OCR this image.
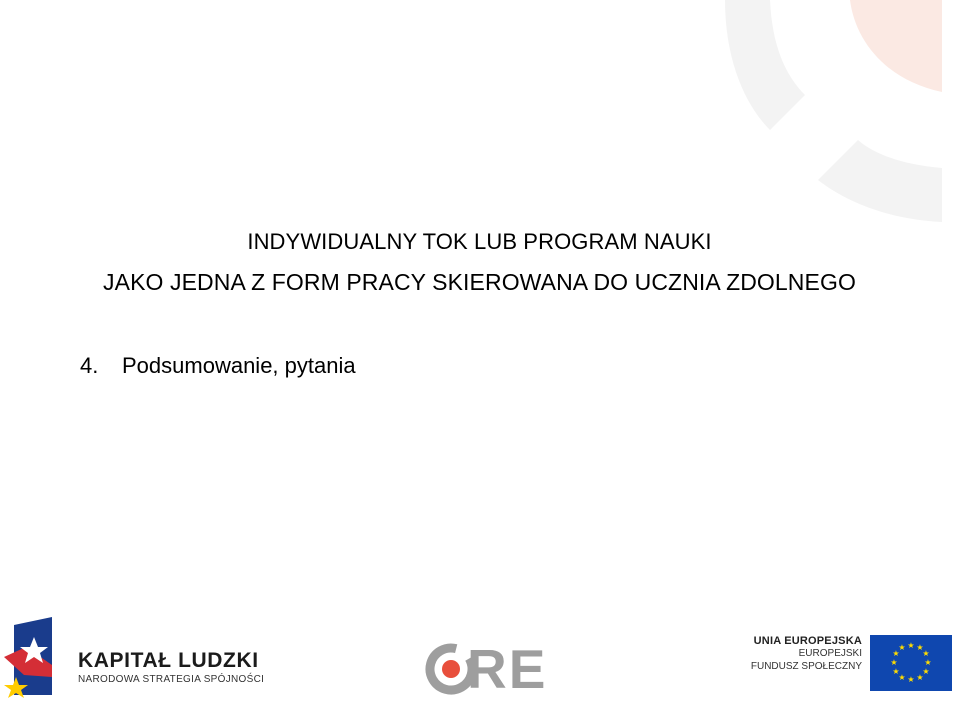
INDYWIDUALNY TOK LUB PROGRAM NAUKI
JAKO JEDNA Z FORM PRACY SKIEROWANA DO UCZNIA ZDOLNEGO
4. Podsumowanie, pytania
KAPITAŁ LUDZKI
NARODOWA STRATEGIA SPÓJNOŚCI	RE	UNIA EUROPEJSKA
EUROPEJSKI
FUNDUSZ SPOŁECZNY
★ ★
★
★
★
★
★
★
★
★
★
★
